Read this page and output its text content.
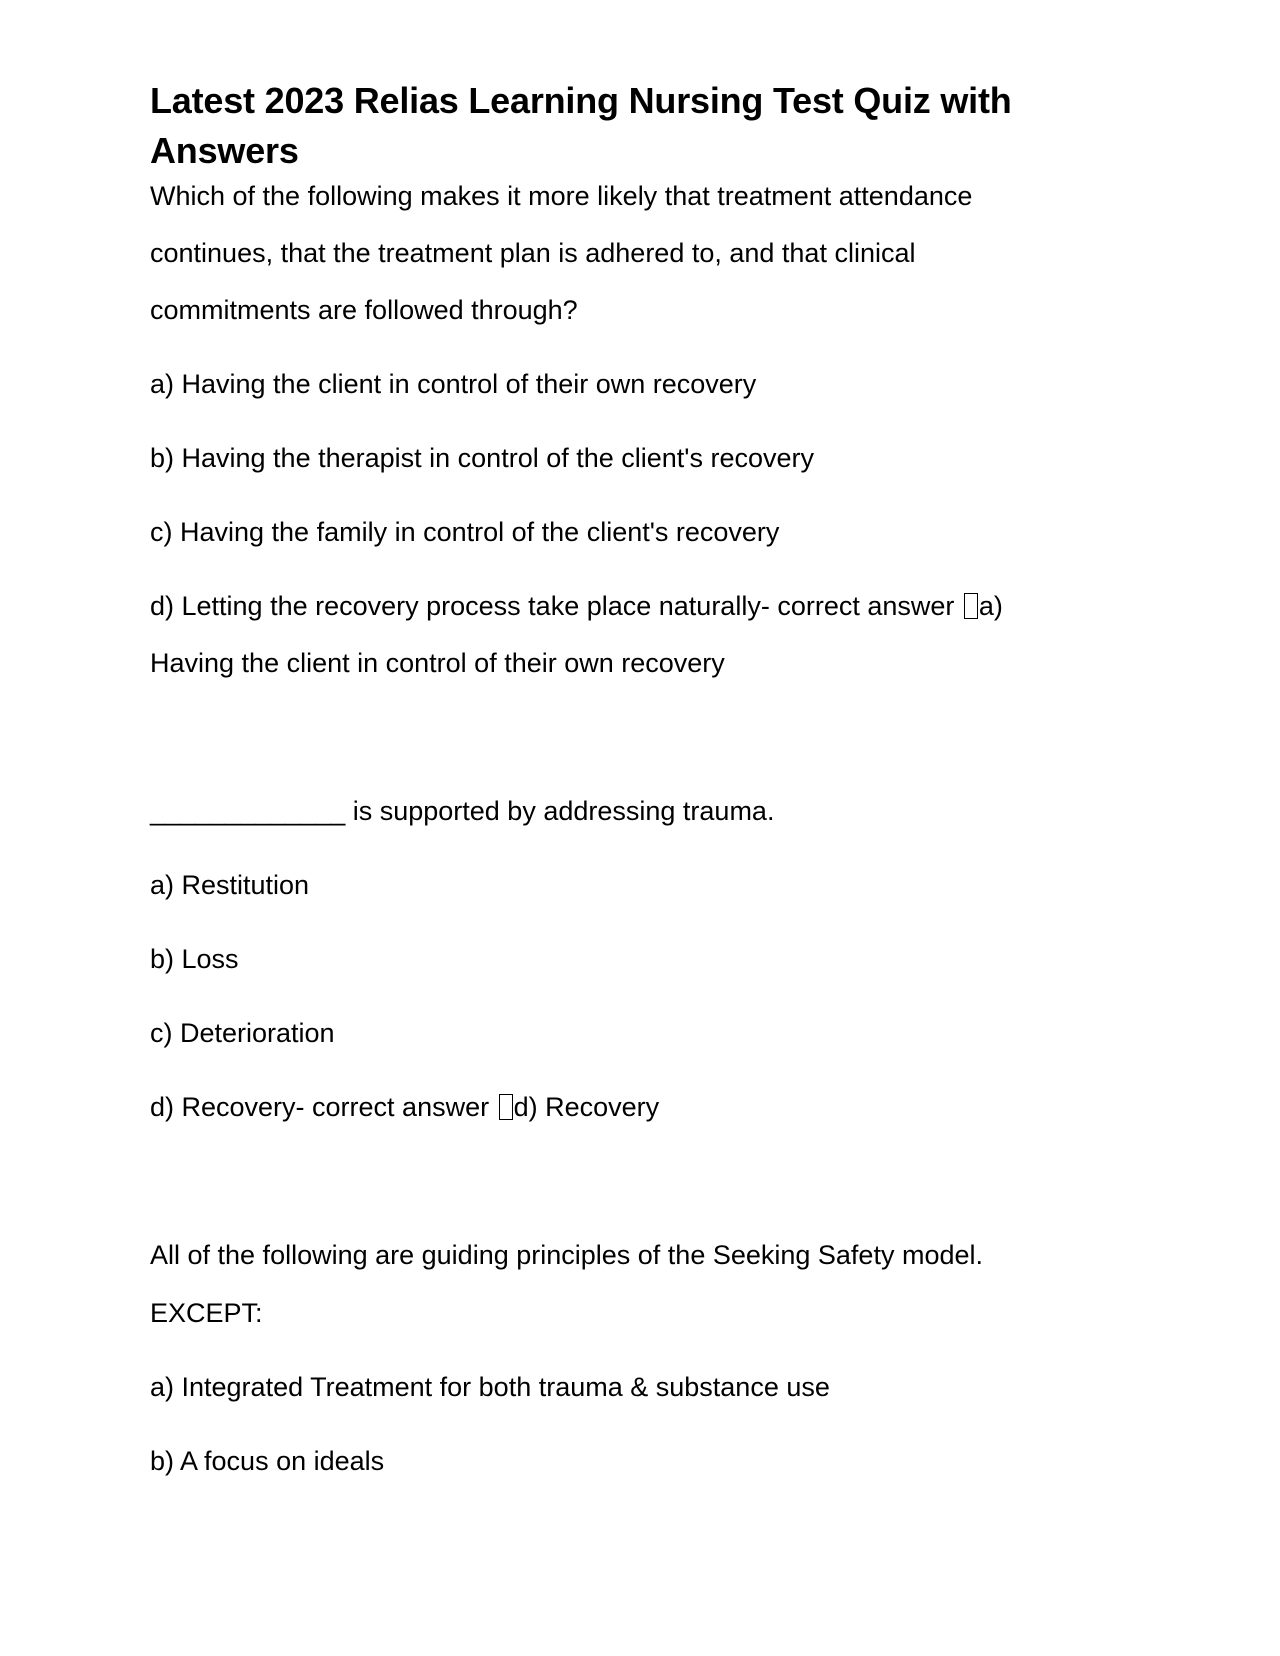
Latest 2023 Relias Learning Nursing Test Quiz with Answers

Which of the following makes it more likely that treatment attendance

continues, that the treatment plan is adhered to, and that clinical

commitments are followed through?

a) Having the client in control of their own recovery

b) Having the therapist in control of the client's recovery

c) Having the family in control of the client's recovery

d) Letting the recovery process take place naturally- correct answer a)

Having the client in control of their own recovery

_____________ is supported by addressing trauma.

a) Restitution

b) Loss

c) Deterioration

d) Recovery- correct answer d) Recovery

All of the following are guiding principles of the Seeking Safety model.

EXCEPT:

a) Integrated Treatment for both trauma & substance use

b) A focus on ideals
